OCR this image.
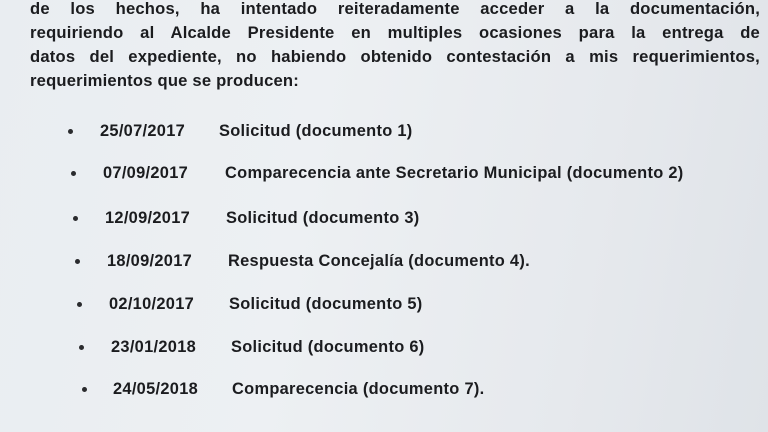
de los hechos, ha intentado reiteradamente acceder a la documentación,
requiriendo al Alcalde Presidente en multiples ocasiones para la entrega de
datos del expediente, no habiendo obtenido contestación a mis requerimientos,
requerimientos que se producen:
25/07/2017 Solicitud (documento 1)
07/09/2017 Comparecencia ante Secretario Municipal (documento 2)
12/09/2017 Solicitud (documento 3)
18/09/2017 Respuesta Concejalía (documento 4).
02/10/2017 Solicitud (documento 5)
23/01/2018 Solicitud (documento 6)
24/05/2018 Comparecencia (documento 7).
